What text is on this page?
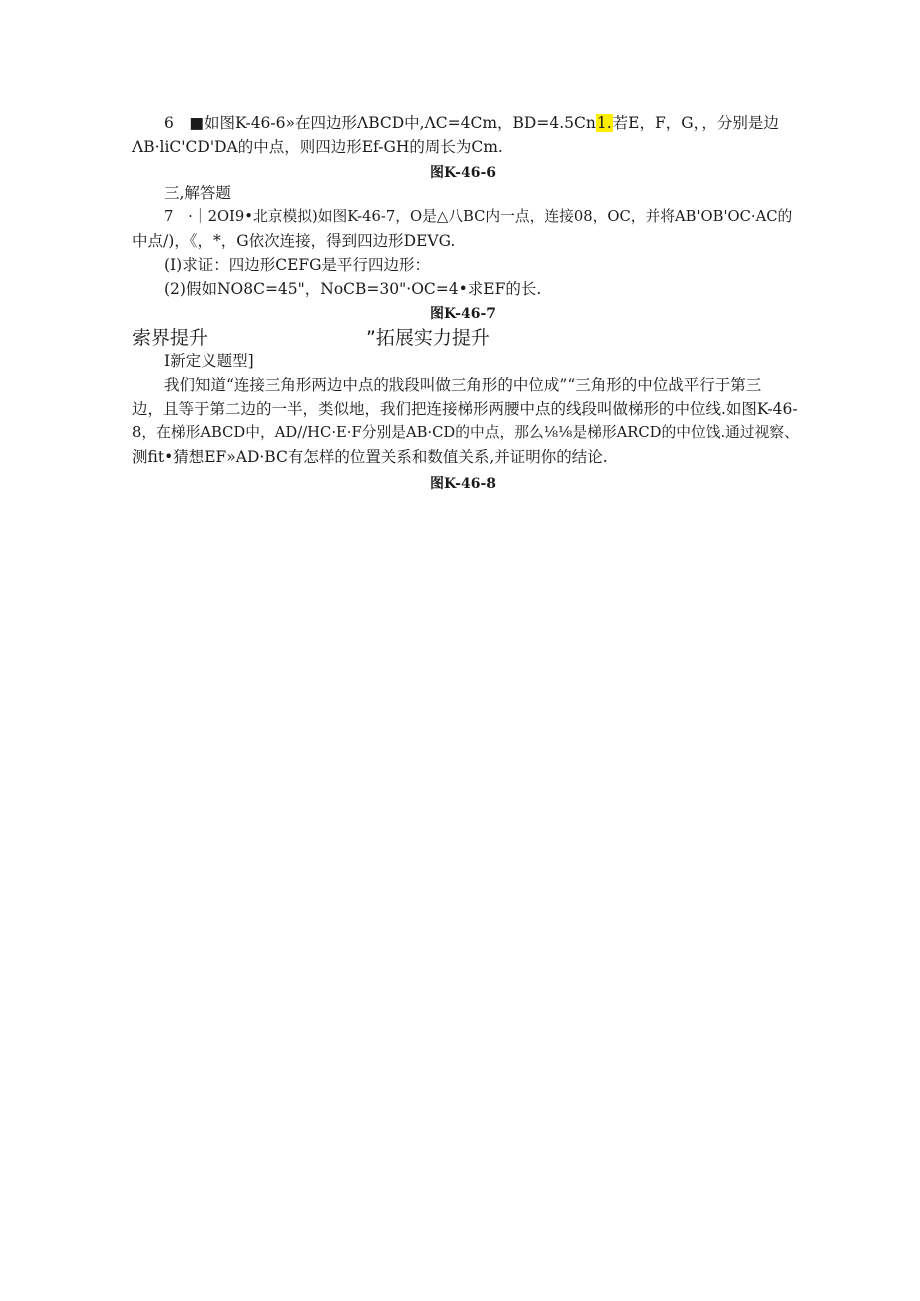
6　■如图K-46-6»在四边形ΛBCD中,ΛC=4Cm，BD=4.5Cn1.若E，F，G，，分别是边
ΛB·liC'CD'DA的中点，则四边形Ef-GH的周长为Cm.
图K-46-6
三,解答题
7　·｜2OI9•北京模拟)如图K-46-7，O是△八BC内一点，连接08，OC，并将AB'OB'OC·AC的
中点/)，《，*，G依次连接，得到四边形DEVG.
(I)求证：四边形CEFG是平行四边形：
(2)假如NO8C=45"，NoCB=30"·OC=4•求EF的长.
图K-46-7
索界提升	”拓展实力提升
I新定义题型]
我们知道“连接三角形两边中点的戕段叫做三角形的中位成”“三角形的中位战平行于第三
边，且等于第二边的一半，类似地，我们把连接梯形两腰中点的线段叫做梯形的中位线.如图K-46-
8，在梯形ABCD中，AD//HC·E·F分别是AB·CD的中点，那么⅛⅛是梯形ARCD的中位饯.通过视察、
测fit•猜想EF»AD·BC有怎样的位置关系和数值关系,并证明你的结论.
图K-46-8
